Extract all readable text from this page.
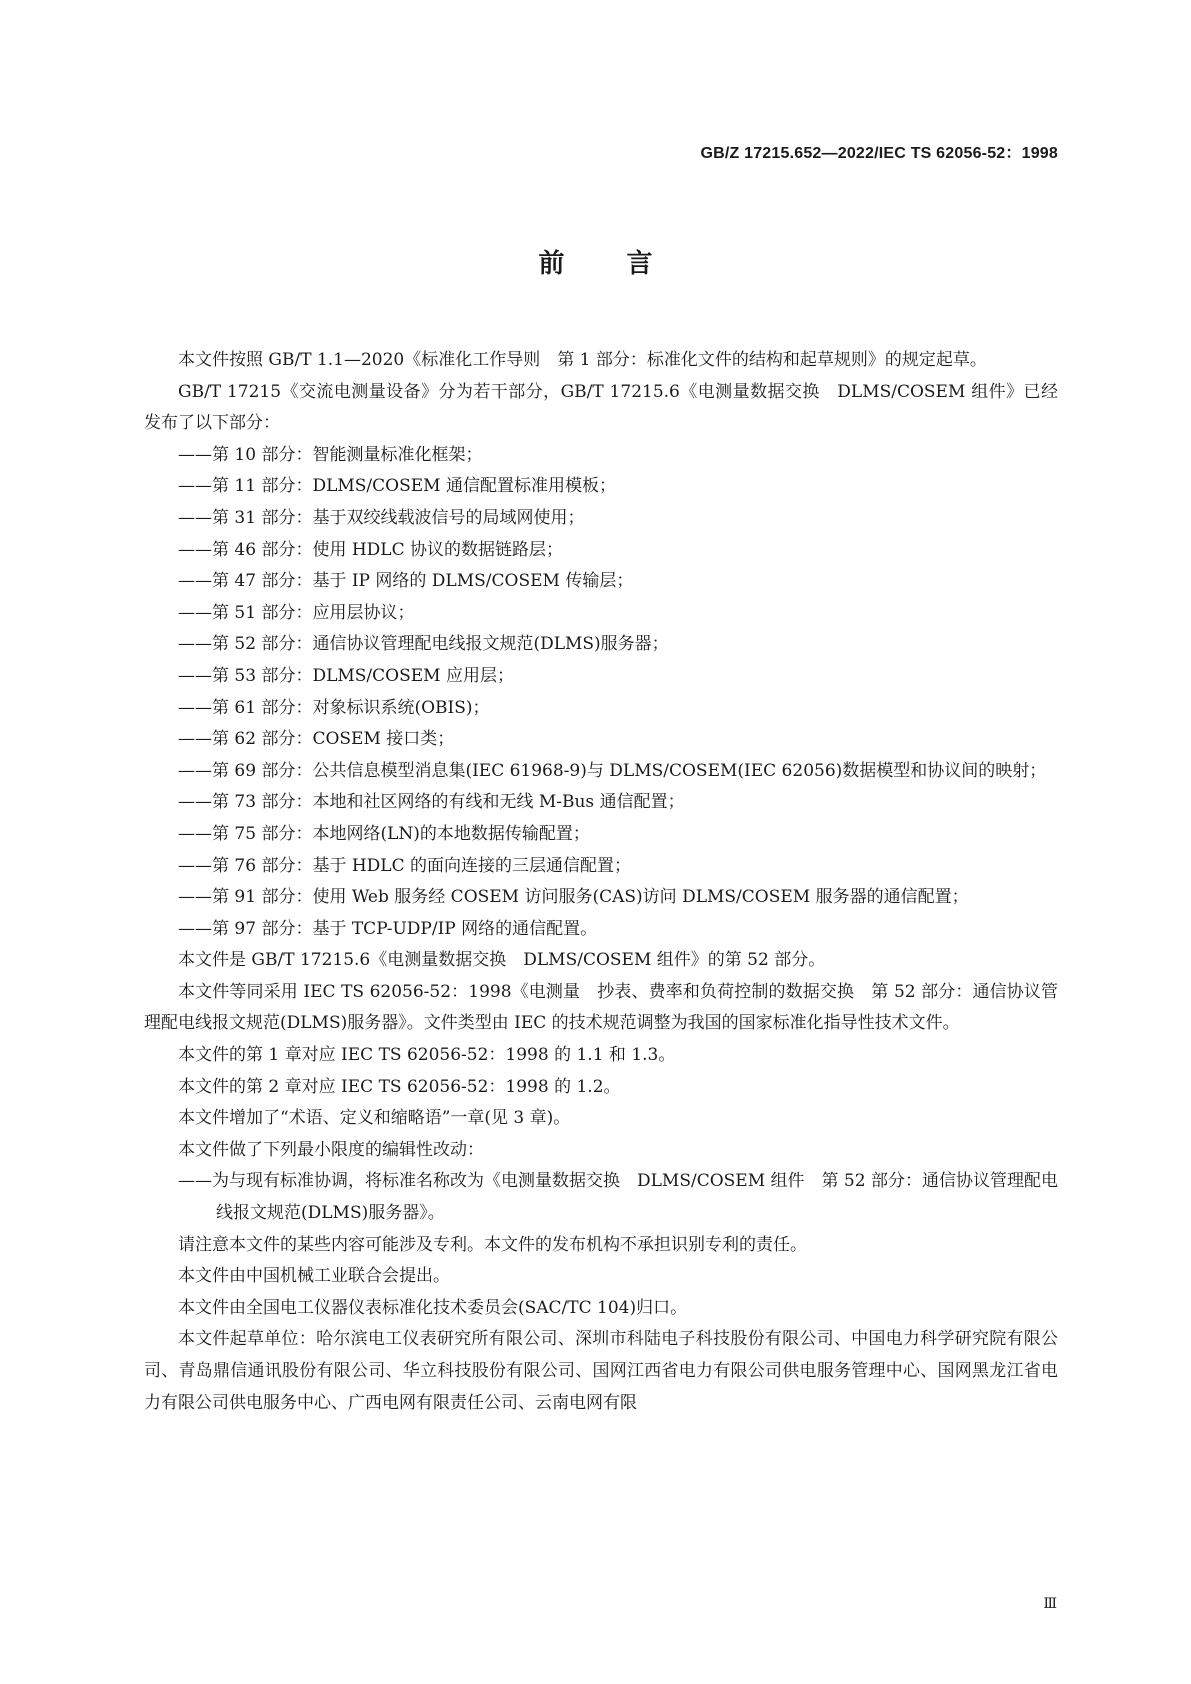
GB/Z 17215.652—2022/IEC TS 62056-52：1998
前言

本文件按照 GB/T 1.1—2020《标准化工作导则　第 1 部分：标准化文件的结构和起草规则》的规定起草。

GB/T 17215《交流电测量设备》分为若干部分，GB/T 17215.6《电测量数据交换　DLMS/COSEM 组件》已经发布了以下部分：

——第 10 部分：智能测量标准化框架；

——第 11 部分：DLMS/COSEM 通信配置标准用模板；

——第 31 部分：基于双绞线载波信号的局域网使用；

——第 46 部分：使用 HDLC 协议的数据链路层；

——第 47 部分：基于 IP 网络的 DLMS/COSEM 传输层；

——第 51 部分：应用层协议；

——第 52 部分：通信协议管理配电线报文规范(DLMS)服务器；

——第 53 部分：DLMS/COSEM 应用层；

——第 61 部分：对象标识系统(OBIS)；

——第 62 部分：COSEM 接口类；

——第 69 部分：公共信息模型消息集(IEC 61968-9)与 DLMS/COSEM(IEC 62056)数据模型和协议间的映射；

——第 73 部分：本地和社区网络的有线和无线 M-Bus 通信配置；

——第 75 部分：本地网络(LN)的本地数据传输配置；

——第 76 部分：基于 HDLC 的面向连接的三层通信配置；

——第 91 部分：使用 Web 服务经 COSEM 访问服务(CAS)访问 DLMS/COSEM 服务器的通信配置；

——第 97 部分：基于 TCP-UDP/IP 网络的通信配置。

本文件是 GB/T 17215.6《电测量数据交换　DLMS/COSEM 组件》的第 52 部分。

本文件等同采用 IEC TS 62056-52：1998《电测量　抄表、费率和负荷控制的数据交换　第 52 部分：通信协议管理配电线报文规范(DLMS)服务器》。文件类型由 IEC 的技术规范调整为我国的国家标准化指导性技术文件。

本文件的第 1 章对应 IEC TS 62056-52：1998 的 1.1 和 1.3。

本文件的第 2 章对应 IEC TS 62056-52：1998 的 1.2。

本文件增加了“术语、定义和缩略语”一章(见 3 章)。

本文件做了下列最小限度的编辑性改动：

——为与现有标准协调，将标准名称改为《电测量数据交换　DLMS/COSEM 组件　第 52 部分：通信协议管理配电线报文规范(DLMS)服务器》。

请注意本文件的某些内容可能涉及专利。本文件的发布机构不承担识别专利的责任。

本文件由中国机械工业联合会提出。

本文件由全国电工仪器仪表标准化技术委员会(SAC/TC 104)归口。

本文件起草单位：哈尔滨电工仪表研究所有限公司、深圳市科陆电子科技股份有限公司、中国电力科学研究院有限公司、青岛鼎信通讯股份有限公司、华立科技股份有限公司、国网江西省电力有限公司供电服务管理中心、国网黑龙江省电力有限公司供电服务中心、广西电网有限责任公司、云南电网有限

Ⅲ
